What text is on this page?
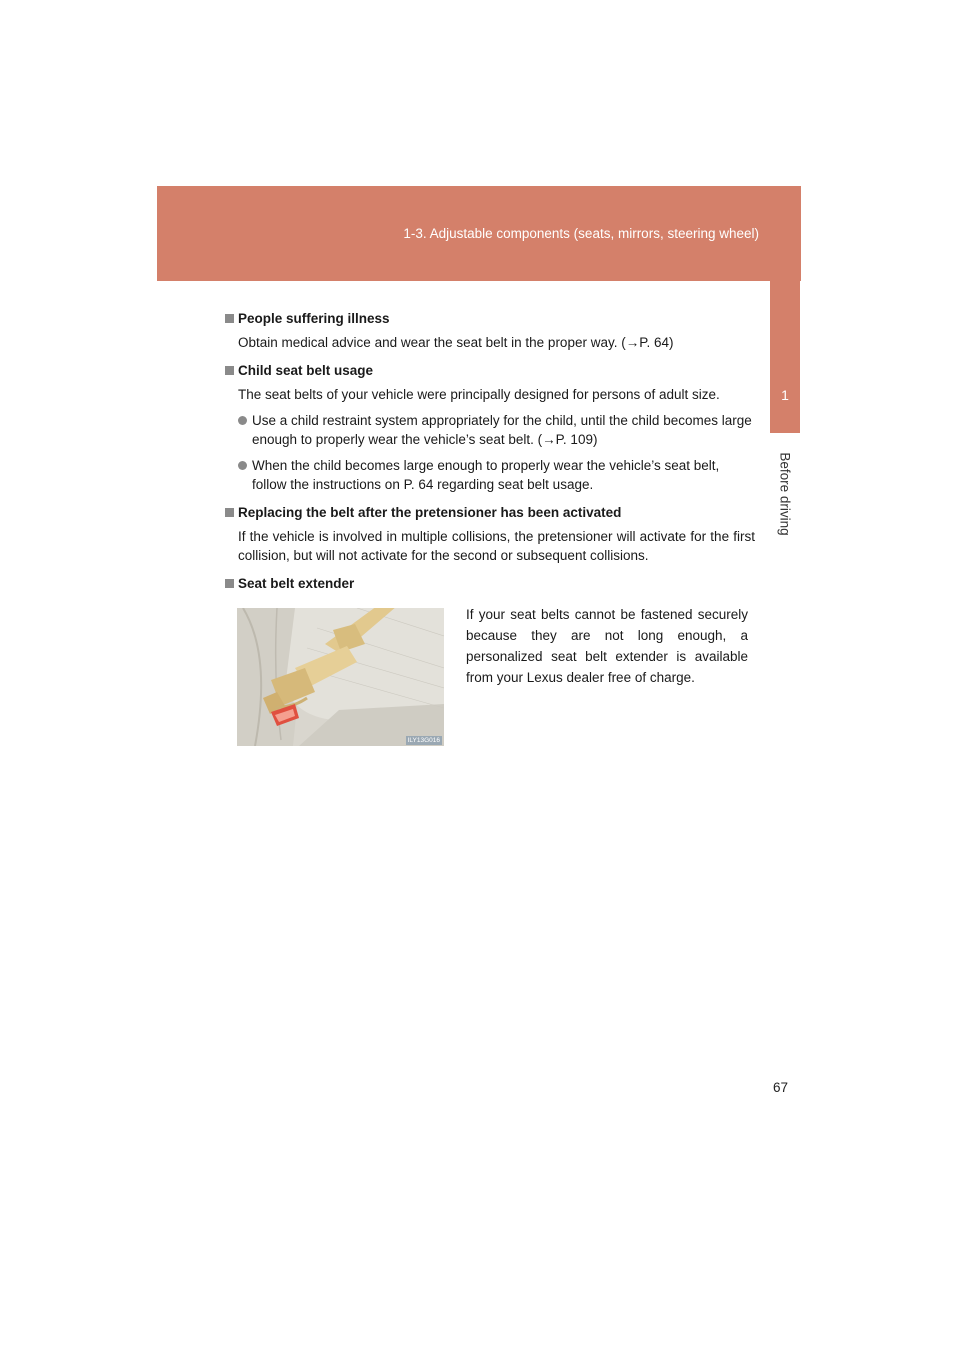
1-3. Adjustable components (seats, mirrors, steering wheel)
1
Before driving
People suffering illness
Obtain medical advice and wear the seat belt in the proper way. (→P. 64)
Child seat belt usage
The seat belts of your vehicle were principally designed for persons of adult size.
Use a child restraint system appropriately for the child, until the child becomes large enough to properly wear the vehicle’s seat belt. (→P. 109)
When the child becomes large enough to properly wear the vehicle’s seat belt, follow the instructions on P. 64 regarding seat belt usage.
Replacing the belt after the pretensioner has been activated
If the vehicle is involved in multiple collisions, the pretensioner will activate for the first collision, but will not activate for the second or subsequent collisions.
Seat belt extender
ILY13G016
If your seat belts cannot be fastened securely because they are not long enough, a personalized seat belt extender is available from your Lexus dealer free of charge.
67
